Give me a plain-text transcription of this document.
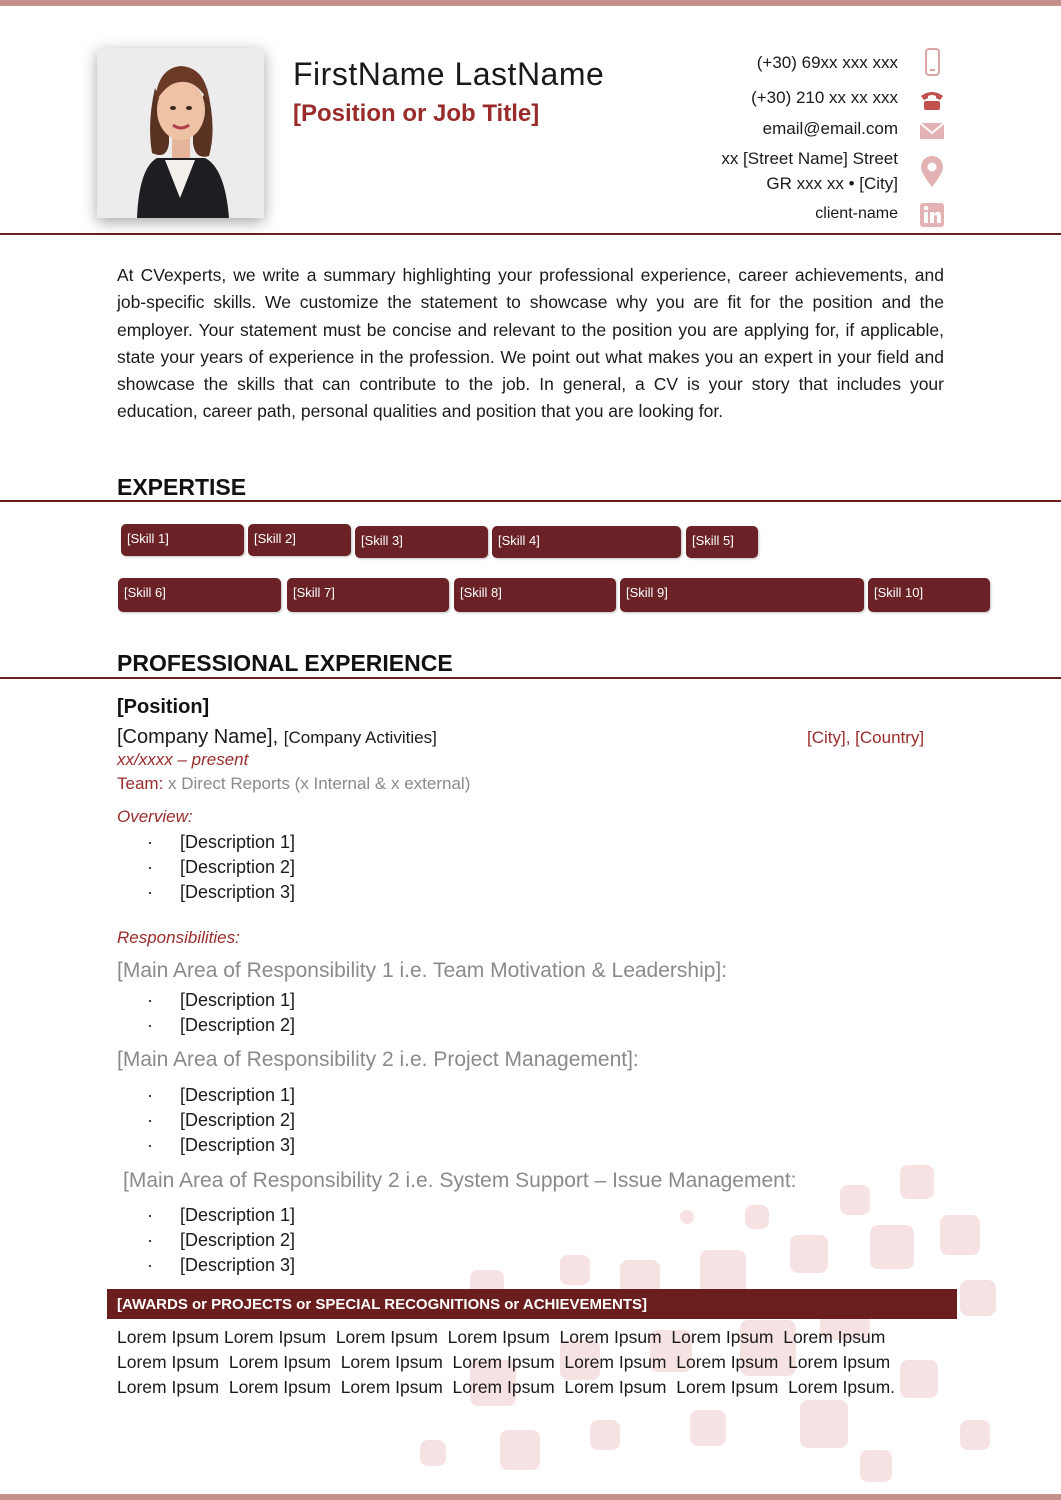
FirstName LastName
[Position or Job Title]
(+30) 69xx xxx xxx
(+30) 210 xx xx xxx
email@email.com
xx [Street Name] Street
GR xxx xx • [City]
client-name
At CVexperts, we write a summary highlighting your professional experience, career achievements, and job-specific skills. We customize the statement to showcase why you are fit for the position and the employer. Your statement must be concise and relevant to the position you are applying for, if applicable, state your years of experience in the profession. We point out what makes you an expert in your field and showcase the skills that can contribute to the job. In general, a CV is your story that includes your education, career path, personal qualities and position that you are looking for.
EXPERTISE
[Skill 1]	[Skill 2]	[Skill 3]	[Skill 4]	[Skill 5]
[Skill 6]	[Skill 7]	[Skill 8]	[Skill 9]	[Skill 10]
PROFESSIONAL EXPERIENCE
[Position]
[Company Name], [Company Activities]	[City], [Country]
xx/xxxx – present
Team: x Direct Reports (x Internal & x external)
Overview:
· [Description 1]
· [Description 2]
· [Description 3]
Responsibilities:
[Main Area of Responsibility 1 i.e. Team Motivation & Leadership]:
· [Description 1]
· [Description 2]
[Main Area of Responsibility 2 i.e. Project Management]:
· [Description 1]
· [Description 2]
· [Description 3]
[Main Area of Responsibility 2 i.e. System Support – Issue Management:
· [Description 1]
· [Description 2]
· [Description 3]
[AWARDS or PROJECTS or SPECIAL RECOGNITIONS or ACHIEVEMENTS]
Lorem Ipsum Lorem Ipsum  Lorem Ipsum  Lorem Ipsum  Lorem Ipsum  Lorem Ipsum  Lorem Ipsum
Lorem Ipsum  Lorem Ipsum  Lorem Ipsum  Lorem Ipsum  Lorem Ipsum  Lorem Ipsum  Lorem Ipsum
Lorem Ipsum  Lorem Ipsum  Lorem Ipsum  Lorem Ipsum  Lorem Ipsum  Lorem Ipsum  Lorem Ipsum.
